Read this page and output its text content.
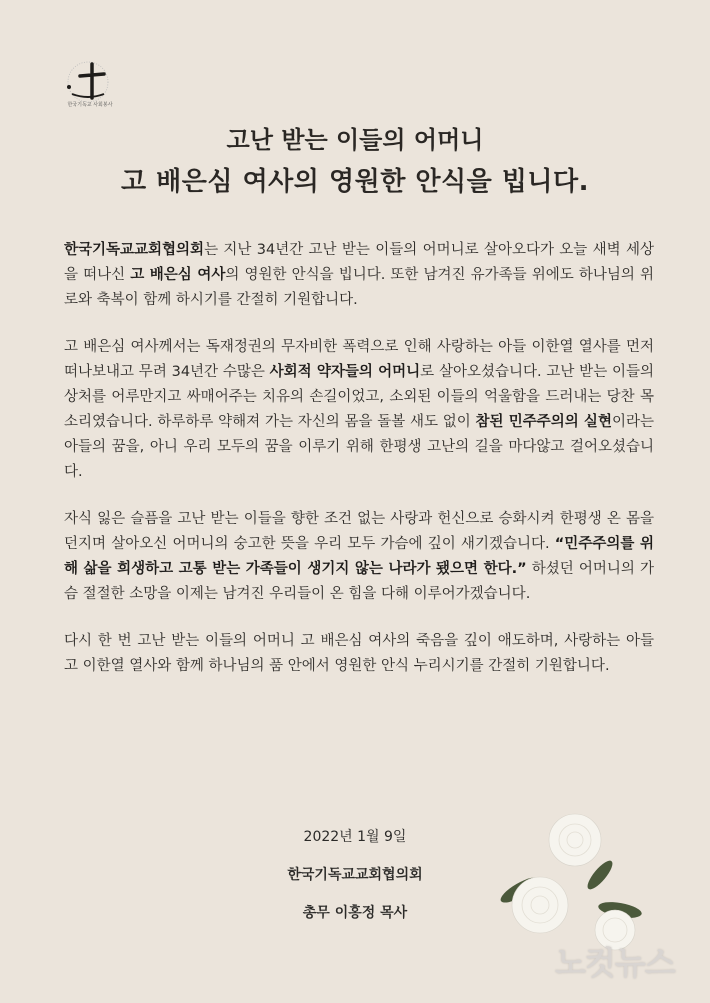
한국기독교 사회봉사
고난 받는 이들의 어머니
고 배은심 여사의 영원한 안식을 빕니다.

한국기독교교회협의회는 지난 34년간 고난 받는 이들의 어머니로 살아오다가 오늘 새벽 세상을 떠나신 고 배은심 여사의 영원한 안식을 빕니다. 또한 남겨진 유가족들 위에도 하나님의 위로와 축복이 함께 하시기를 간절히 기원합니다.

고 배은심 여사께서는 독재정권의 무자비한 폭력으로 인해 사랑하는 아들 이한열 열사를 먼저 떠나보내고 무려 34년간 수많은 사회적 약자들의 어머니로 살아오셨습니다. 고난 받는 이들의 상처를 어루만지고 싸매어주는 치유의 손길이었고, 소외된 이들의 억울함을 드러내는 당찬 목소리였습니다. 하루하루 약해져 가는 자신의 몸을 돌볼 새도 없이 참된 민주주의의 실현이라는 아들의 꿈을, 아니 우리 모두의 꿈을 이루기 위해 한평생 고난의 길을 마다않고 걸어오셨습니다.

자식 잃은 슬픔을 고난 받는 이들을 향한 조건 없는 사랑과 헌신으로 승화시켜 한평생 온 몸을 던지며 살아오신 어머니의 숭고한 뜻을 우리 모두 가슴에 깊이 새기겠습니다. “민주주의를 위해 삶을 희생하고 고통 받는 가족들이 생기지 않는 나라가 됐으면 한다.” 하셨던 어머니의 가슴 절절한 소망을 이제는 남겨진 우리들이 온 힘을 다해 이루어가겠습니다.

다시 한 번 고난 받는 이들의 어머니 고 배은심 여사의 죽음을 깊이 애도하며, 사랑하는 아들 고 이한열 열사와 함께 하나님의 품 안에서 영원한 안식 누리시기를 간절히 기원합니다.

2022년 1월 9일
한국기독교교회협의회
총무 이홍정 목사
노컷뉴스
